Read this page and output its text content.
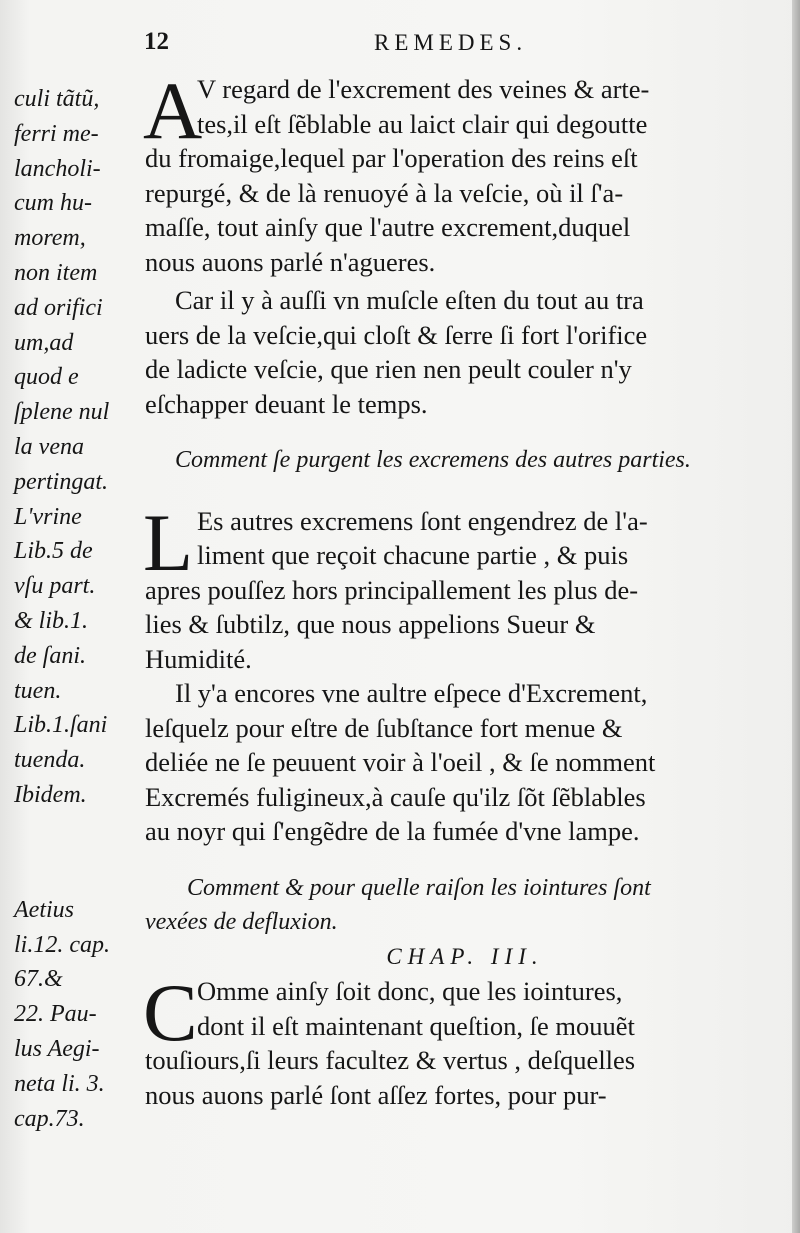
12	REMEDES.
culi tãtũ,
ferri me-
lancholi-
cum hu-
morem,
non item
ad orifici
um,ad
quod e
ſplene nul
la vena
pertingat.
L'vrine
Lib.5 de
vſu part.
& lib.1.
de ſani.
tuen.
Lib.1.ſani
tuenda.
Ibidem.
Aetius
li.12. cap.
67.&
22. Pau-
lus Aegi-
neta li. 3.
cap.73.
A
V regard de l'excrement des veines & arte-
tes,il eſt ſẽblable au laict clair qui degoutte
du fromaige,lequel par l'operation des reins eſt
repurgé, & de là renuoyé à la veſcie, où il ſ'a-
maſſe, tout ainſy que l'autre excrement,duquel
nous auons parlé n'agueres.
Car il y à auſſi vn muſcle eſten du tout au tra
uers de la veſcie,qui cloſt & ſerre ſi fort l'orifice
de ladicte veſcie, que rien nen peult couler n'y
eſchapper deuant le temps.
Comment ſe purgent les excremens des autres parties.
L Es autres excremens ſont engendrez de l'a-
liment que reçoit chacune partie , & puis
apres pouſſez hors principallement les plus de-
lies & ſubtilz, que nous appelions Sueur &
Humidité.
Il y'a encores vne aultre eſpece d'Excrement,
leſquelz pour eſtre de ſubſtance fort menue &
deliée ne ſe peuuent voir à l'oeil , & ſe nomment
Excremés fuligineux,à cauſe qu'ilz ſõt ſẽblables
au noyr qui ſ'engẽdre de la fumée d'vne lampe.
Comment & pour quelle raiſon les iointures ſont
vexées de defluxion.
CHAP. III.
C Omme ainſy ſoit donc, que les iointures,
dont il eſt maintenant queſtion, ſe mouuẽt
touſiours,ſi leurs facultez & vertus , deſquelles
nous auons parlé ſont aſſez fortes, pour pur-
